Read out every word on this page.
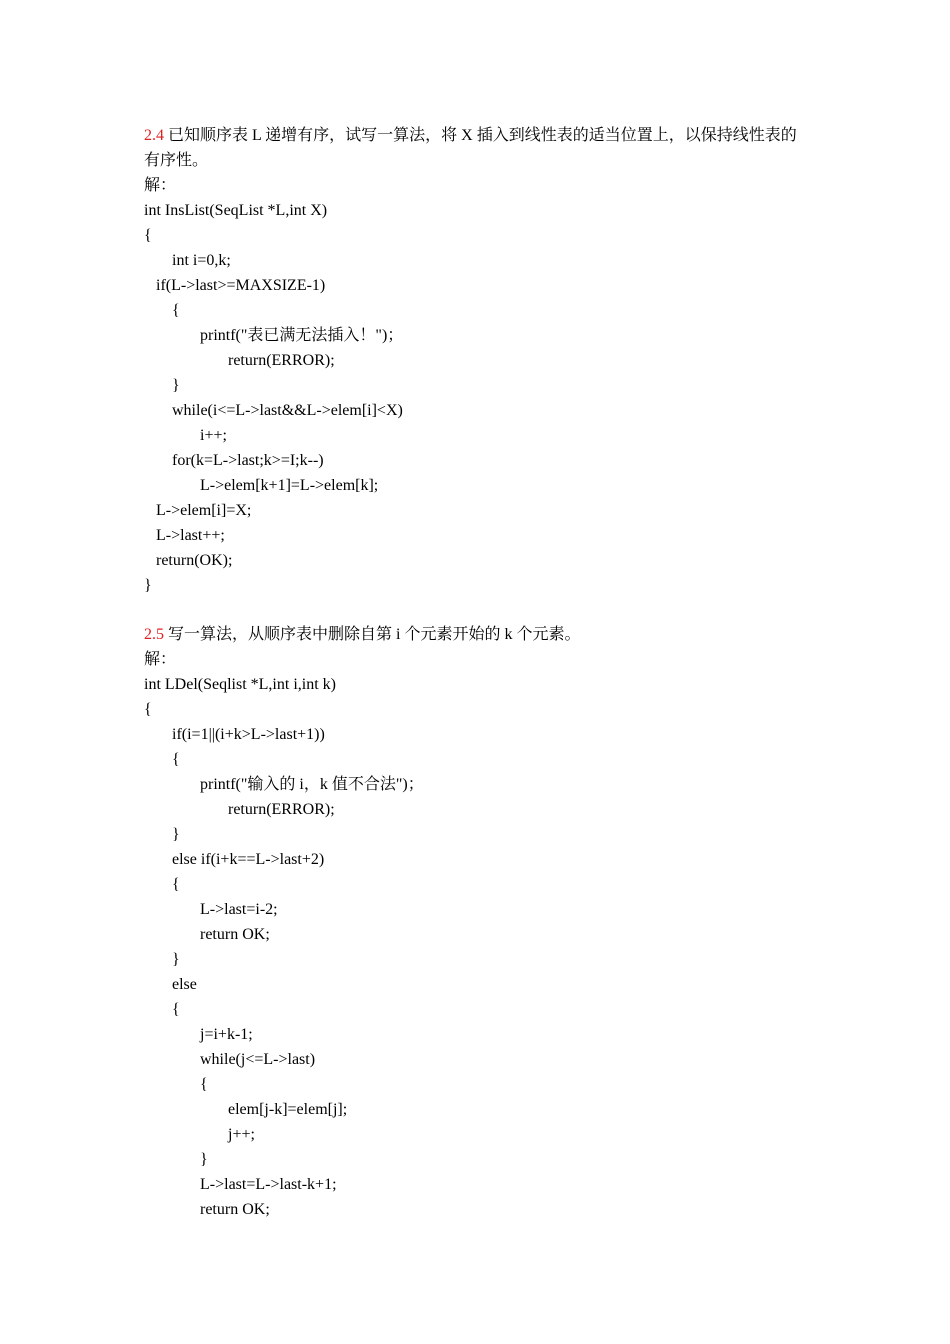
2.4 已知顺序表 L 递增有序，试写一算法，将 X 插入到线性表的适当位置上，以保持线性表的
有序性。
解：
int InsList(SeqList *L,int X)
{
int i=0,k;
if(L->last>=MAXSIZE-1)
{
printf("表已满无法插入！")；
return(ERROR);
}
while(i<=L->last&&L->elem[i]<X)
i++;
for(k=L->last;k>=I;k--)
L->elem[k+1]=L->elem[k];
L->elem[i]=X;
L->last++;
return(OK);
}
2.5 写一算法，从顺序表中删除自第 i 个元素开始的 k 个元素。
解：
int LDel(Seqlist *L,int i,int k)
{
if(i=1||(i+k>L->last+1))
{
printf("输入的 i，k 值不合法")；
return(ERROR);
}
else if(i+k==L->last+2)
{
L->last=i-2;
return OK;
}
else
{
j=i+k-1;
while(j<=L->last)
{
elem[j-k]=elem[j];
j++;
}
L->last=L->last-k+1;
return OK;
